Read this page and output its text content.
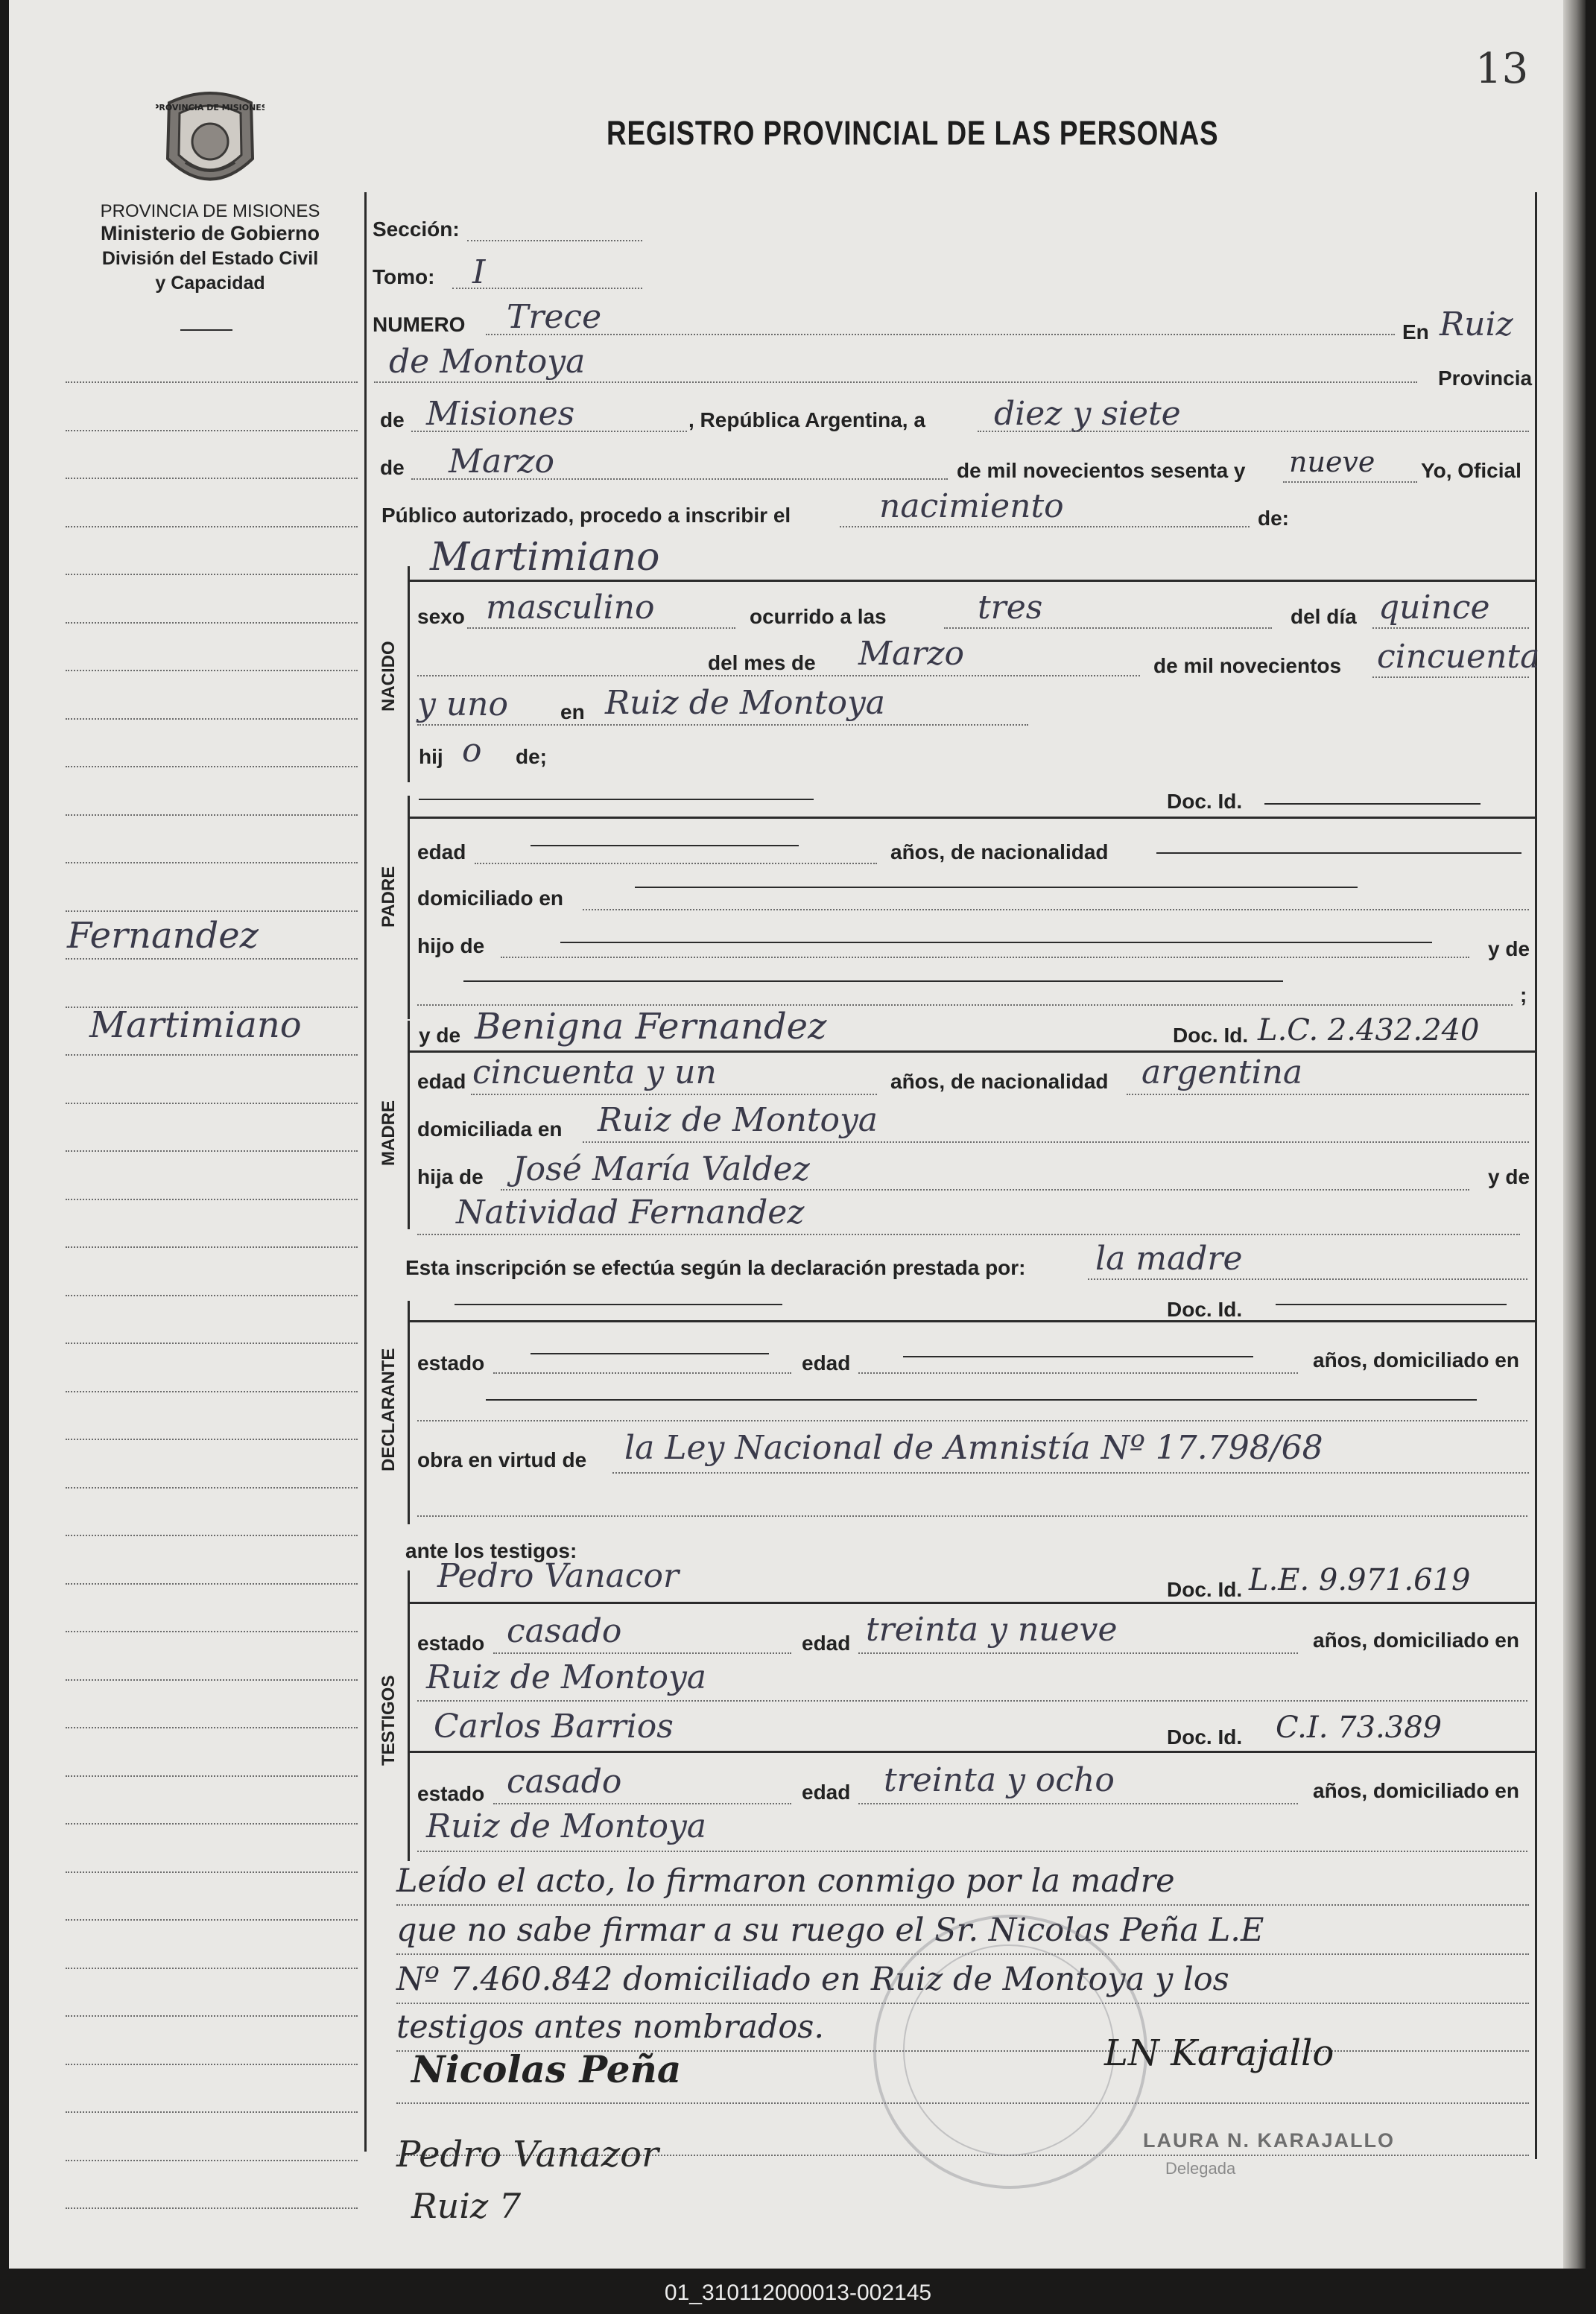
13
REGISTRO PROVINCIAL DE LAS PERSONAS
PROVINCIA DE MISIONES
PROVINCIA DE MISIONES
Ministerio de Gobierno
División del Estado Civil
y Capacidad
Fernandez
Martimiano
Sección:
Tomo: I
NUMERO Trece	En Ruiz
de Montoya	Provincia
de Misiones	, República Argentina, a diez y siete
de Marzo	de mil novecientos sesenta y nueve Yo, Oficial
Público autorizado, procedo a inscribir el	nacimiento	de:
Martimiano
NACIDO
sexo masculino	ocurrido a las	tres	del día quince
del mes de Marzo	de mil novecientos cincuenta
y uno en Ruiz de Montoya
hij o de;
PADRE
Doc. Id.
edad	años, de nacionalidad
domiciliado en
hijo de	y de
;
MADRE
y de Benigna Fernandez	Doc. Id. L.C. 2.432.240
edad cincuenta y un	años, de nacionalidad argentina
domiciliada en Ruiz de Montoya
hija de José María Valdez	y de
Natividad Fernandez
Esta inscripción se efectúa según la declaración prestada por: la madre
DECLARANTE
Doc. Id.
estado	edad	años, domiciliado en
obra en virtud de la Ley Nacional de Amnistía Nº 17.798/68
ante los testigos:
TESTIGOS
Pedro Vanacor	Doc. Id. L.E. 9.971.619
estado casado	edad treinta y nueve	años, domiciliado en
Ruiz de Montoya
Carlos Barrios	Doc. Id. C.I. 73.389
estado casado	edad treinta y ocho	años, domiciliado en
Ruiz de Montoya
Leído el acto, lo firmaron conmigo por la madre
que no sabe firmar a su ruego el Sr. Nicolas Peña L.E
Nº 7.460.842 domiciliado en Ruiz de Montoya y los
testigos antes nombrados.
Nicolas Peña	LN Karajallo
Pedro Vanazor
Ruiz 7
LAURA N. KARAJALLO
Delegada
01_310112000013-002145
